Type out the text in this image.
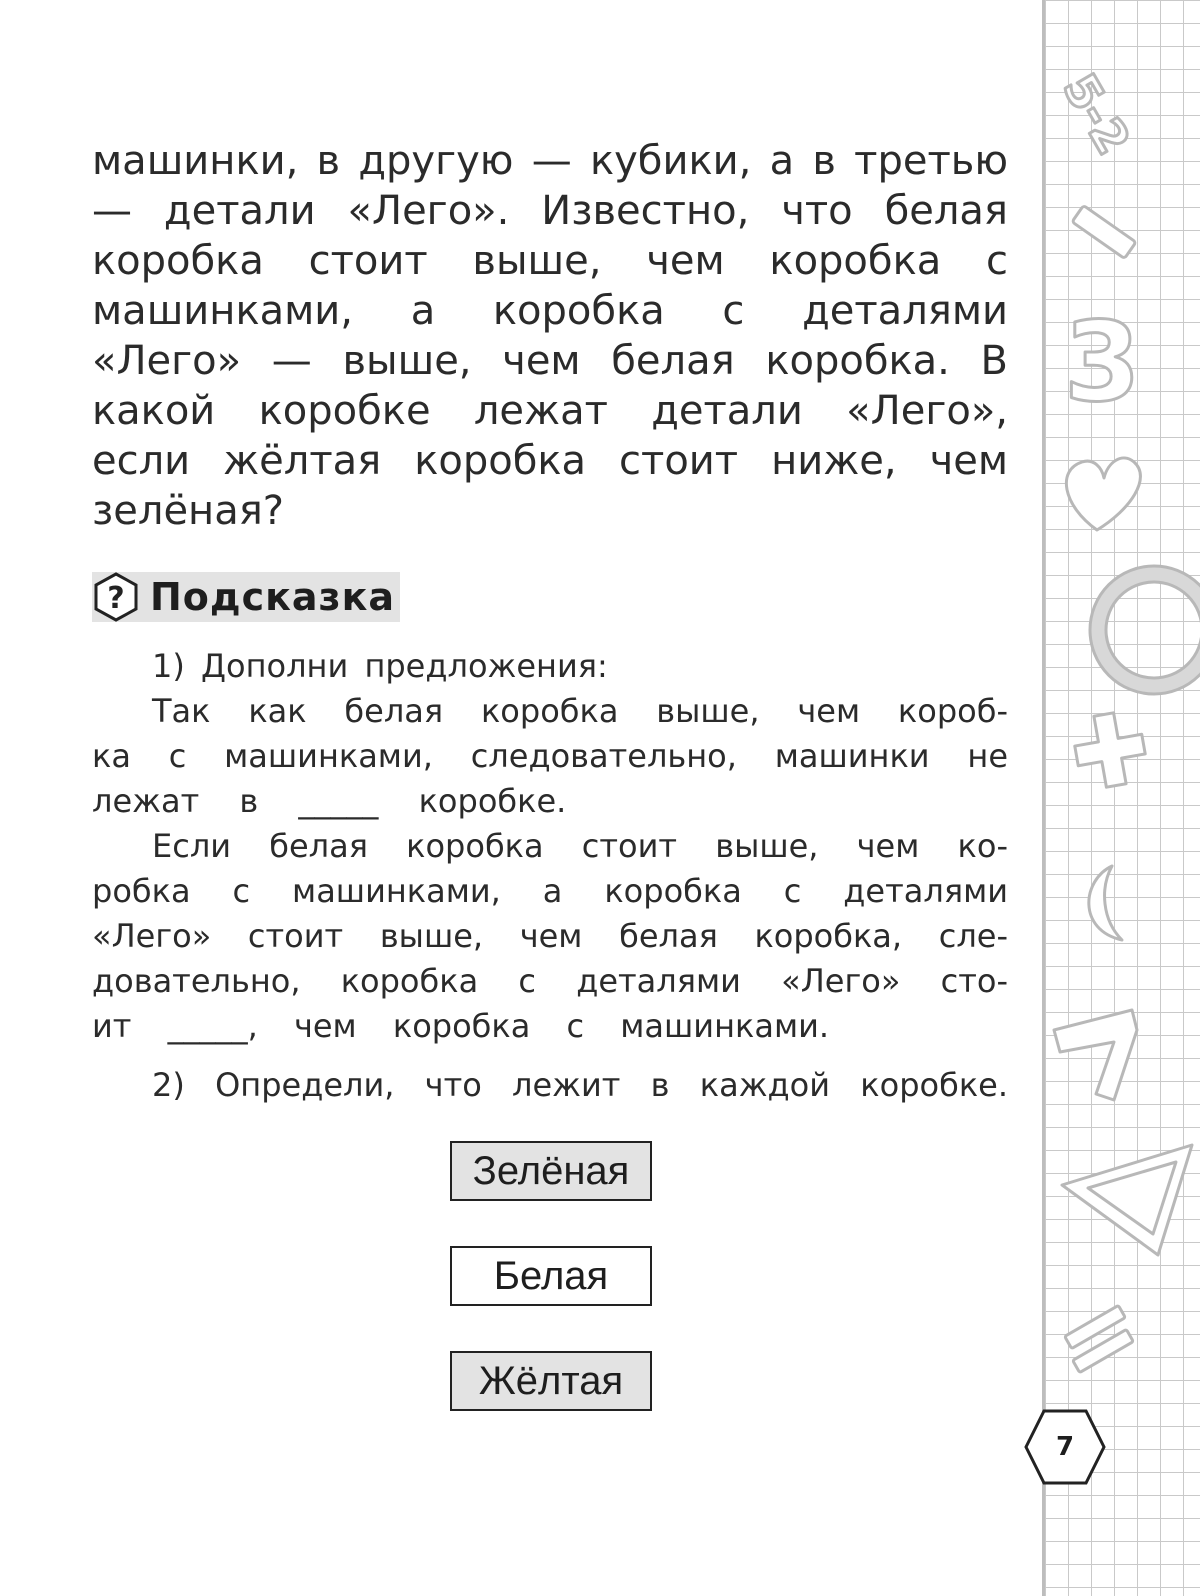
5-2
3

машинки, в другую — кубики, а в третью — детали «Лего». Известно, что белая коробка стоит выше, чем коробка с машинками, а коробка с деталями «Лего» — выше, чем белая коробка. В какой коробке лежат детали «Лего», если жёлтая коробка стоит ниже, чем зелёная?

? Подсказка

1) Дополни предложения:

Так как белая коробка выше, чем короб-

ка с машинками, следовательно, машинки не

лежат в _____ коробке.

Если белая коробка стоит выше, чем ко-

робка с машинками, а коробка с деталями

«Лего» стоит выше, чем белая коробка, сле-

довательно, коробка с деталями «Лего» сто-

ит _____, чем коробка с машинками.

2) Определи, что лежит в каждой коробке.

Зелёная
Белая
Жёлтая
7
